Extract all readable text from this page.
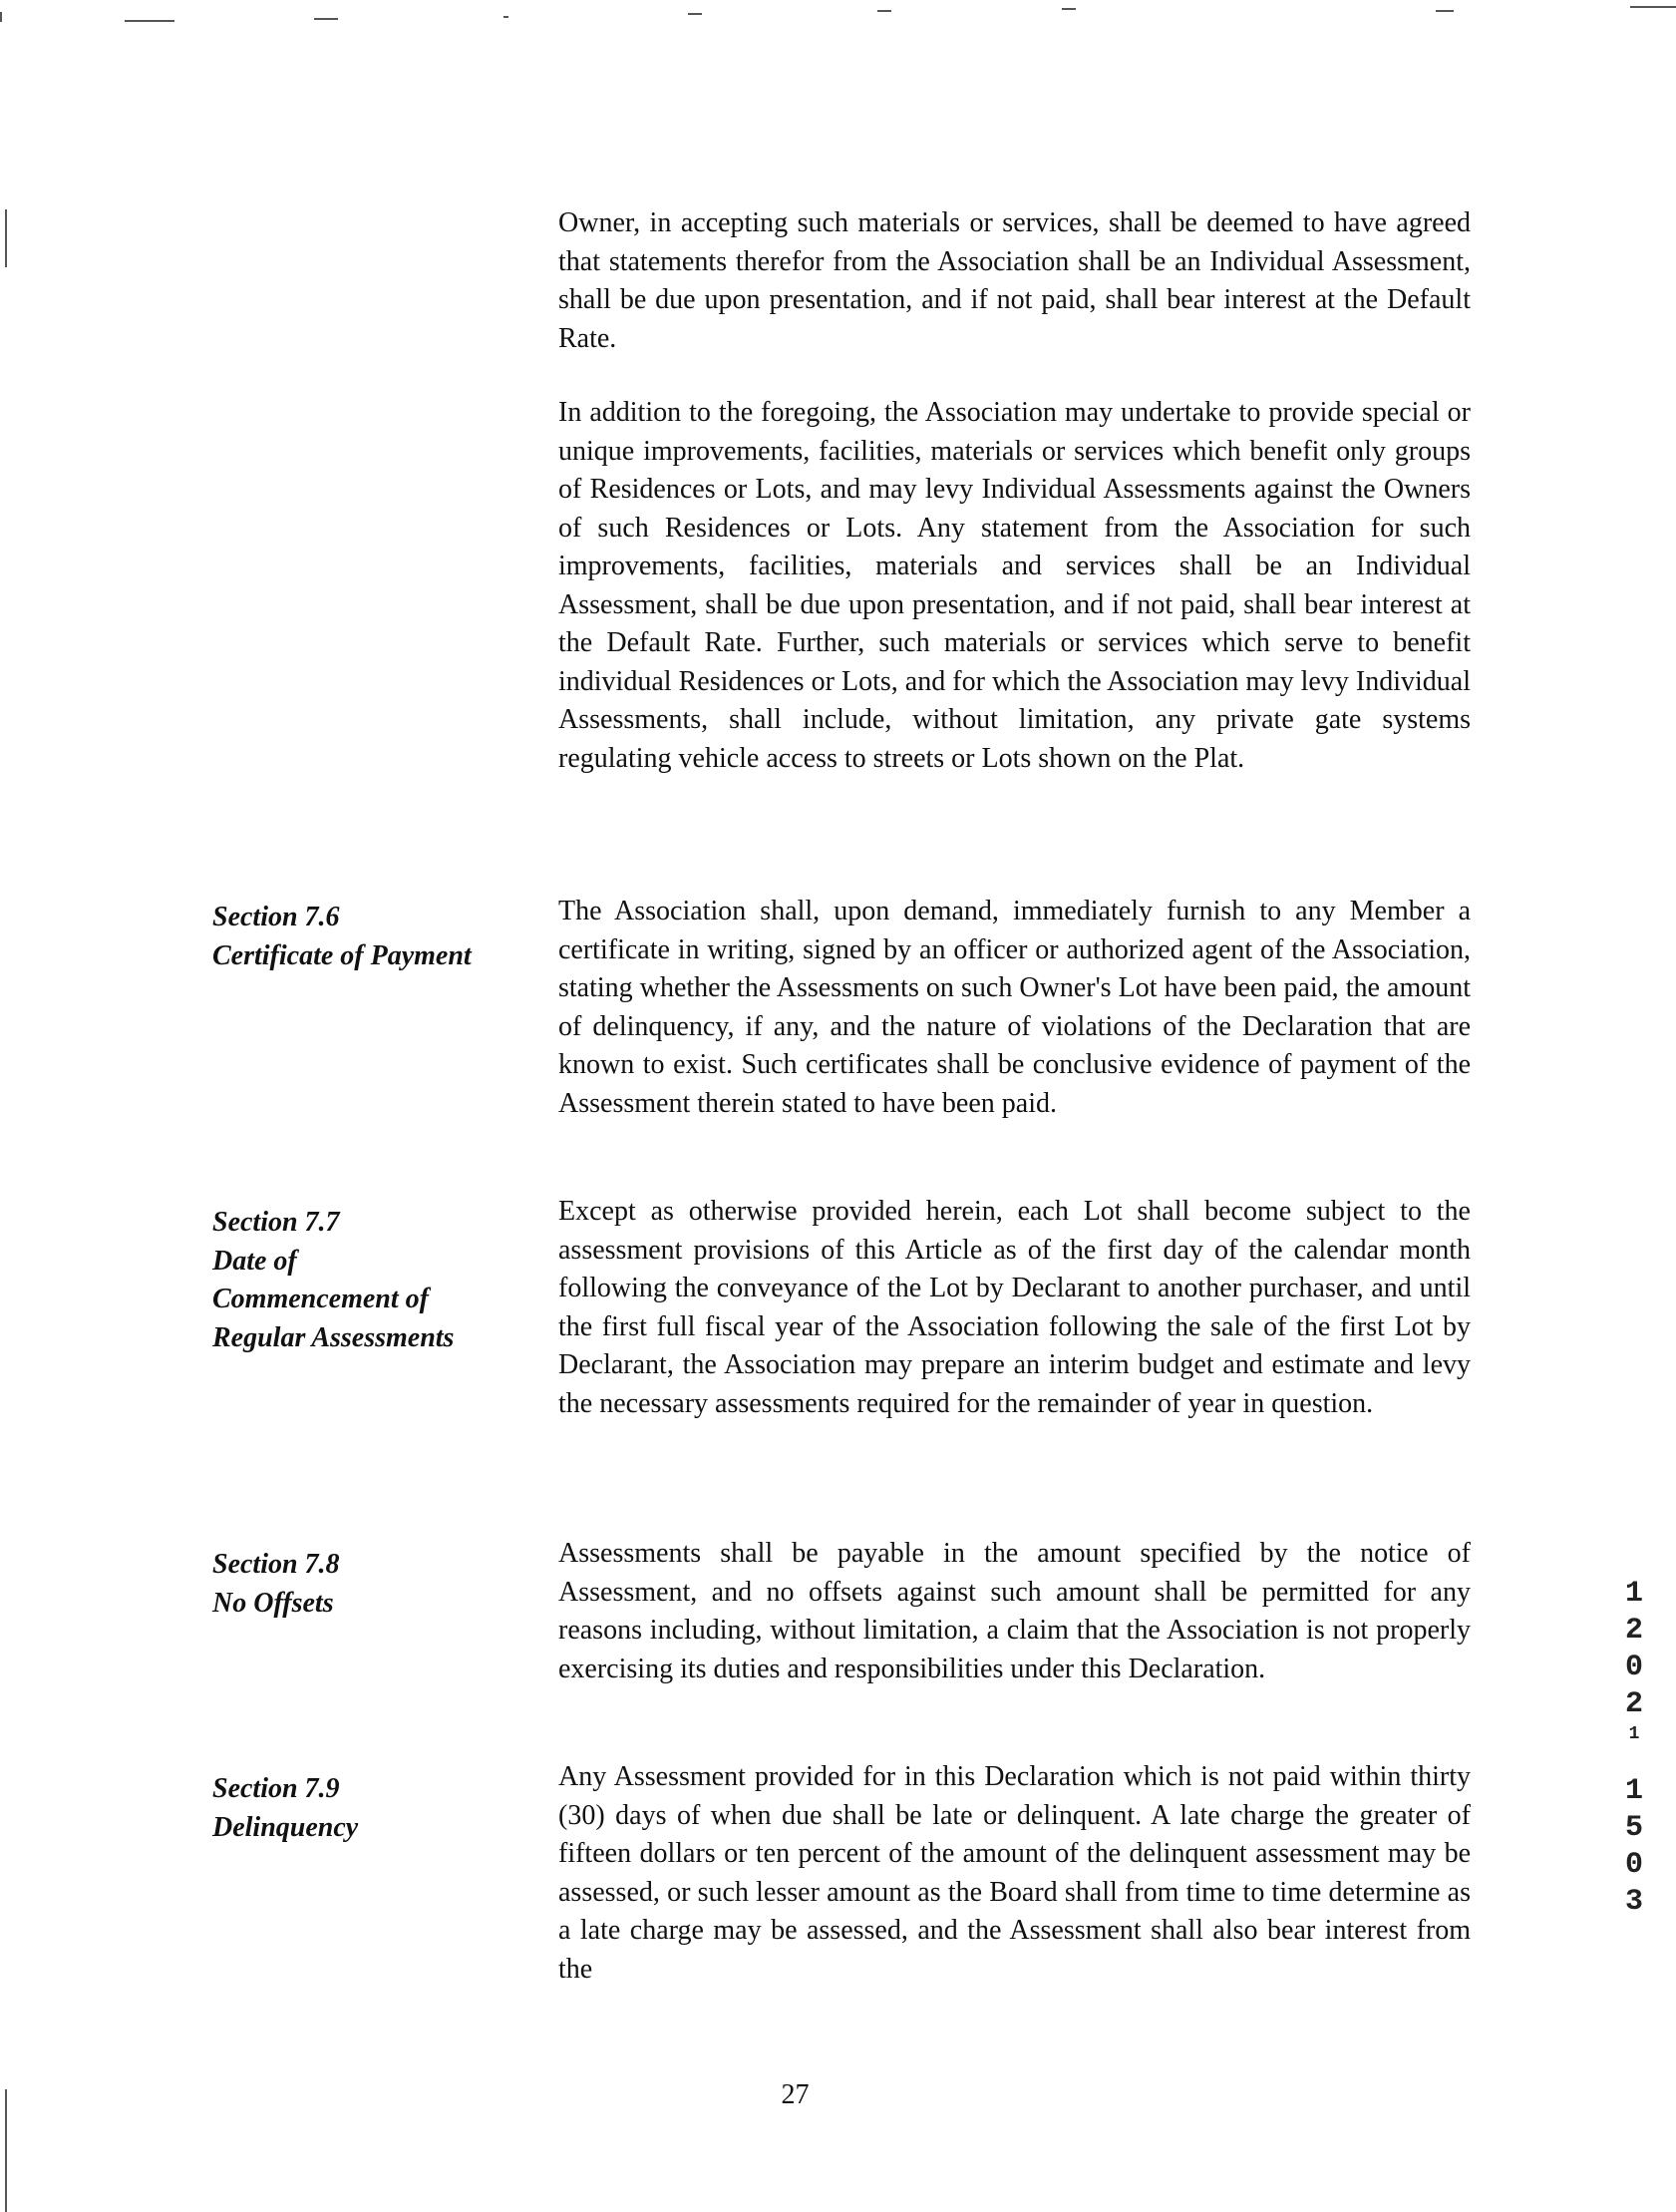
Owner, in accepting such materials or services, shall be deemed to have agreed that statements therefor from the Association shall be an Individual Assessment, shall be due upon presentation, and if not paid, shall bear interest at the Default Rate.

In addition to the foregoing, the Association may undertake to provide special or unique improvements, facilities, materials or services which benefit only groups of Residences or Lots, and may levy Individual Assessments against the Owners of such Residences or Lots. Any statement from the Association for such improvements, facilities, materials and services shall be an Individual Assessment, shall be due upon presentation, and if not paid, shall bear interest at the Default Rate. Further, such materials or services which serve to benefit individual Residences or Lots, and for which the Association may levy Individual Assessments, shall include, without limitation, any private gate systems regulating vehicle access to streets or Lots shown on the Plat.

Section 7.6
Certificate of Payment

The Association shall, upon demand, immediately furnish to any Member a certificate in writing, signed by an officer or authorized agent of the Association, stating whether the Assessments on such Owner's Lot have been paid, the amount of delinquency, if any, and the nature of violations of the Declaration that are known to exist. Such certificates shall be conclusive evidence of payment of the Assessment therein stated to have been paid.

Section 7.7
Date of
Commencement of
Regular Assessments

Except as otherwise provided herein, each Lot shall become subject to the assessment provisions of this Article as of the first day of the calendar month following the conveyance of the Lot by Declarant to another purchaser, and until the first full fiscal year of the Association following the sale of the first Lot by Declarant, the Association may prepare an interim budget and estimate and levy the necessary assessments required for the remainder of year in question.

Section 7.8
No Offsets

Assessments shall be payable in the amount specified by the notice of Assessment, and no offsets against such amount shall be permitted for any reasons including, without limitation, a claim that the Association is not properly exercising its duties and responsibilities under this Declaration.

Section 7.9
Delinquency

Any Assessment provided for in this Declaration which is not paid within thirty (30) days of when due shall be late or delinquent. A late charge the greater of fifteen dollars or ten percent of the amount of the delinquent assessment may be assessed, or such lesser amount as the Board shall from time to time determine as a late charge may be assessed, and the Assessment shall also bear interest from the

27
1
2
0
2
1
1
5
0
3
